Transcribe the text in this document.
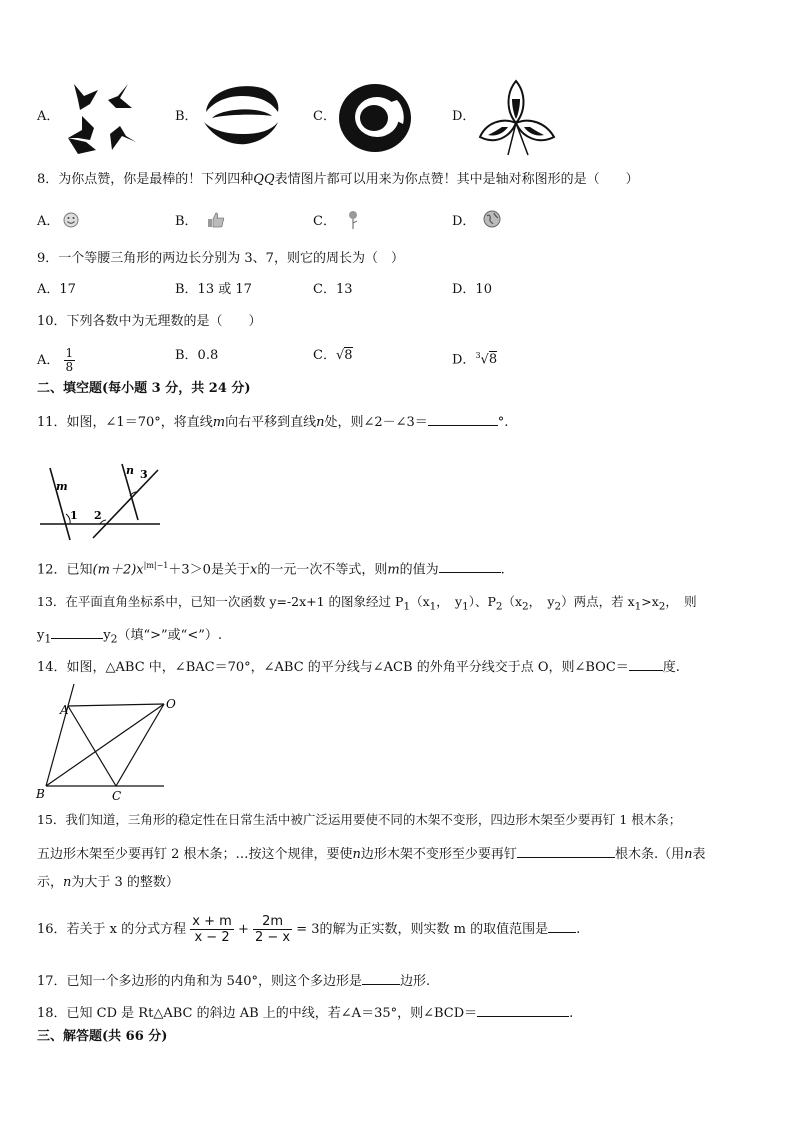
A．	B．	C．	D．
8．为你点赞，你是最棒的！下列四种QQ表情图片都可以用来为你点赞！其中是轴对称图形的是（　　）
A．	B．	C．	D．
9．一个等腰三角形的两边长分别为 3、7，则它的周长为（　）
A．17	B．13 或 17	C．13	D．10
10．下列各数中为无理数的是（　　）
A． $\frac{1}{8}$	B．0.8	C．√8	D．$^3$√8
二、填空题(每小题 3 分，共 24 分)
11．如图，∠1＝70°，将直线m向右平移到直线n处，则∠2－∠3＝	°.
m
n
1 2
3
12．已知$(m+2)x^{|m|-1}+3>0$是关于x的一元一次不等式，则m的值为	.
13．在平面直角坐标系中，已知一次函数 y=-2x+1 的图象经过 $P_1(x_1$，　$y_1$）、$P_2(x_2$，　$y_2$）两点，若 $x_1>x_2$，　则
$y_1$	$y_2$（填“>”或“<”）.
14．如图，△ABC 中，∠BAC＝70°，∠ABC 的平分线与∠ACB 的外角平分线交于点 O，则∠BOC＝	度.
A	O
B	C
15．我们知道，三角形的稳定性在日常生活中被广泛运用要使不同的木架不变形，四边形木架至少要再钉 1 根木条；
五边形木架至少要再钉 2 根木条；…按这个规律，要使n边形木架不变形至少要再钉	根木条.（用n表
示，n为大于 3 的整数）
16．若关于 x 的分式方程 $\frac{x + m}{x - 2} + \frac{2m}{2 - x} = 3$的解为正实数，则实数 m 的取值范围是 .
17．已知一个多边形的内角和为 540°，则这个多边形是	边形.
18．已知 CD 是 Rt△ABC 的斜边 AB 上的中线，若∠A＝35°，则∠BCD＝	.
三、解答题(共 66 分)
